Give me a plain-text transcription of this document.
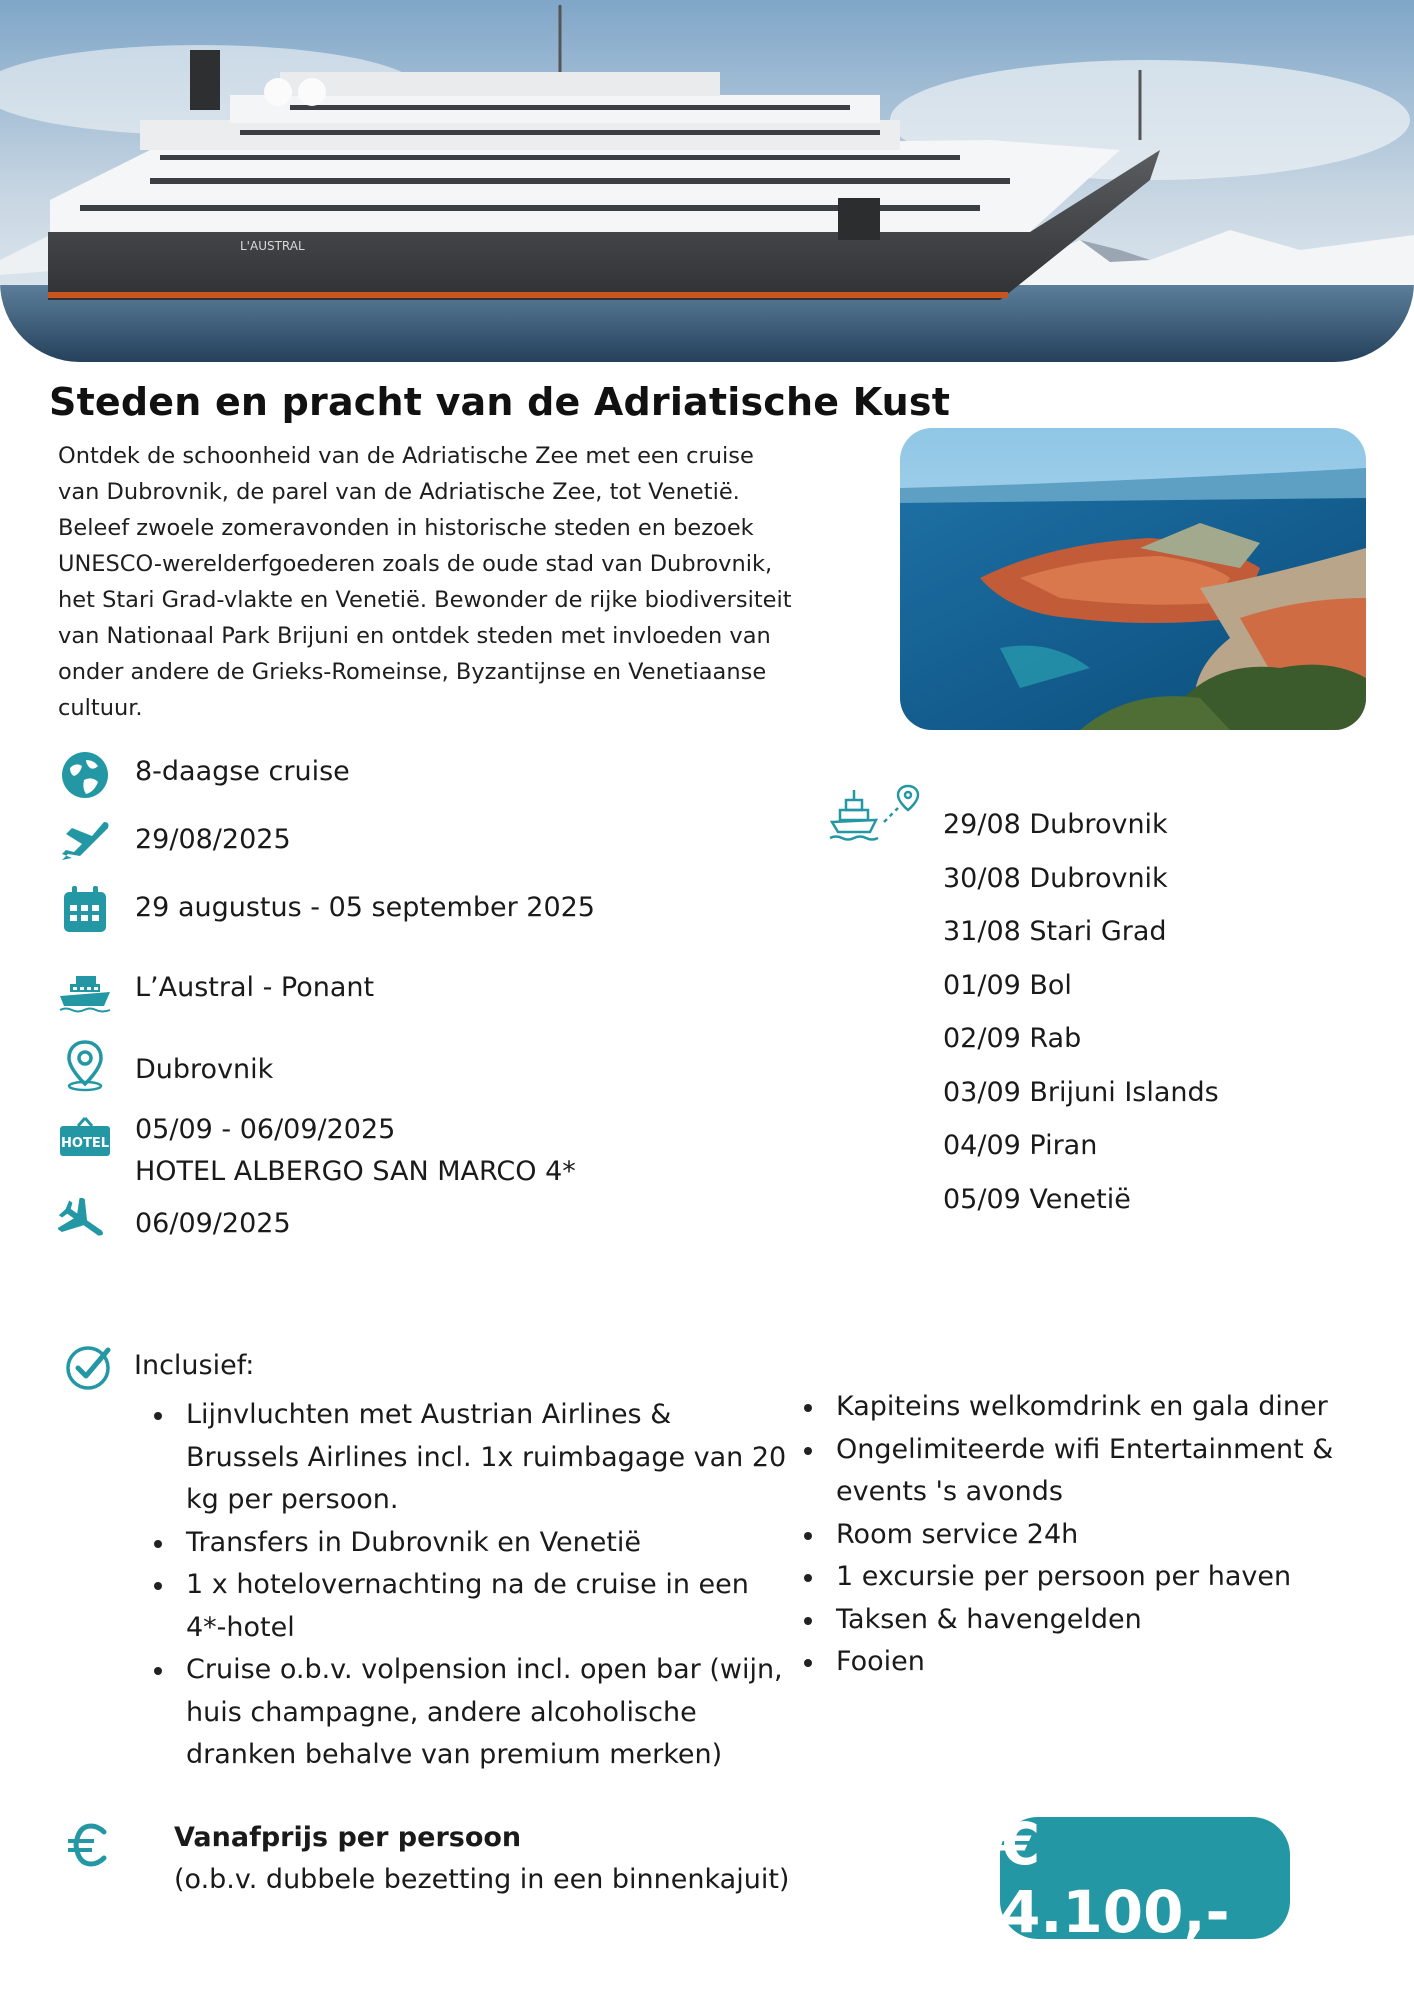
L'AUSTRAL
Steden en pracht van de Adriatische Kust
Ontdek de schoonheid van de Adriatische Zee met een cruise van Dubrovnik, de parel van de Adriatische Zee, tot Venetië. Beleef zwoele zomeravonden in historische steden en bezoek UNESCO-werelderfgoederen zoals de oude stad van Dubrovnik, het Stari Grad-vlakte en Venetië. Bewonder de rijke biodiversiteit van Nationaal Park Brijuni en ontdek steden met invloeden van onder andere de Grieks-Romeinse, Byzantijnse en Venetiaanse cultuur.
8-daagse cruise
29/08/2025
29 augustus - 05 september 2025
L’Austral - Ponant
Dubrovnik
HOTEL 05/09 - 06/09/2025
HOTEL ALBERGO SAN MARCO 4*
06/09/2025
29/08 Dubrovnik
30/08 Dubrovnik
31/08 Stari Grad
01/09 Bol
02/09 Rab
03/09 Brijuni Islands
04/09 Piran
05/09 Venetië
Inclusief:
Lijnvluchten met Austrian Airlines & Brussels Airlines incl. 1x ruimbagage van 20 kg per persoon.
Transfers in Dubrovnik en Venetië
1 x hotelovernachting na de cruise in een 4*-hotel
Cruise o.b.v. volpension incl. open bar (wijn, huis champagne, andere alcoholische dranken behalve van premium merken)
Kapiteins welkomdrink en gala diner
Ongelimiteerde wifi Entertainment & events 's avonds
Room service 24h
1 excursie per persoon per haven
Taksen & havengelden
Fooien
Vanafprijs per persoon
(o.b.v. dubbele bezetting in een binnenkajuit)
€ 4.100,-
